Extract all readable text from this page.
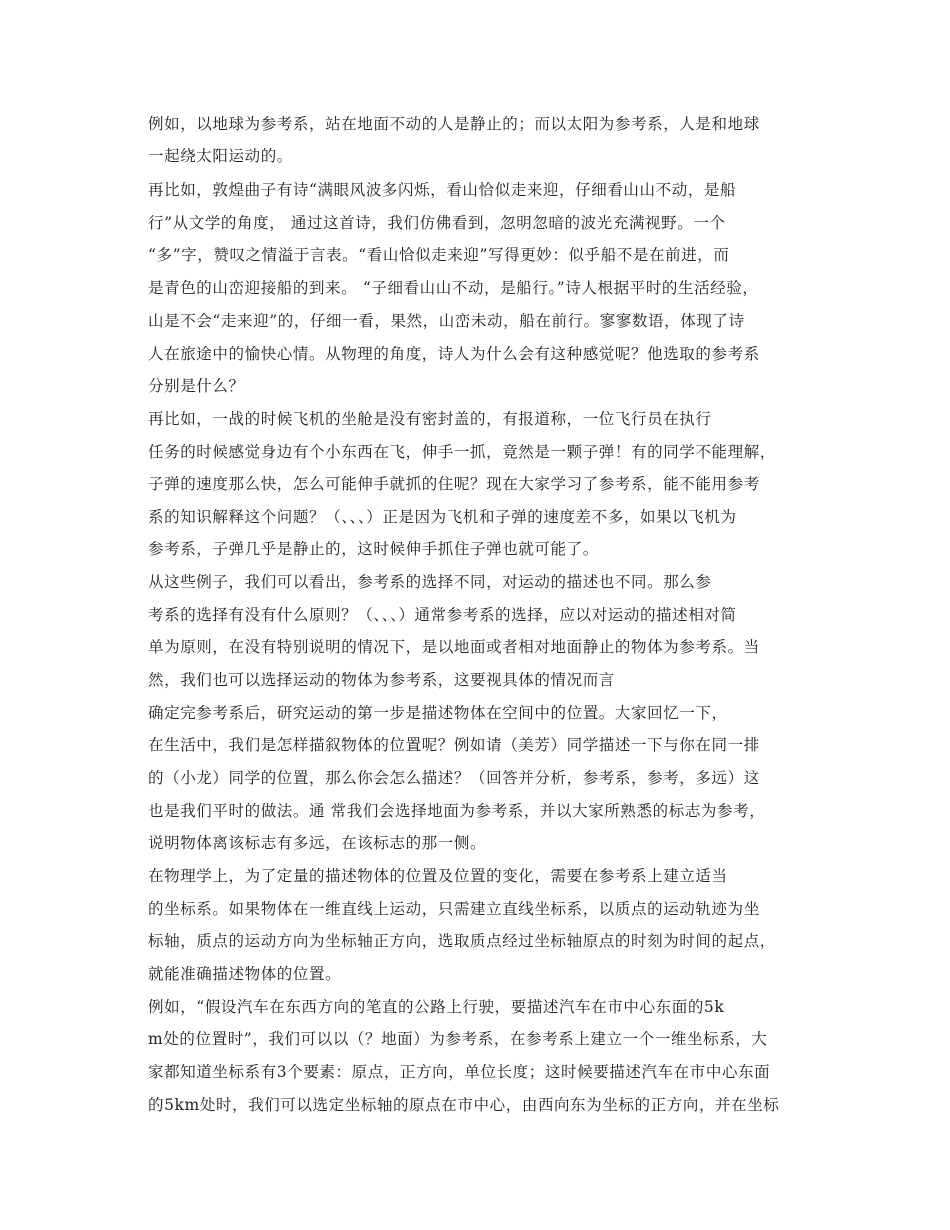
例如，以地球为参考系，站在地面不动的人是静止的；而以太阳为参考系，人是和地球
一起绕太阳运动的。
再比如，敦煌曲子有诗“满眼风波多闪烁，看山恰似走来迎，仔细看山山不动，是船
行”从文学的角度， 通过这首诗，我们仿佛看到，忽明忽暗的波光充满视野。一个
“多”字，赞叹之情溢于言表。“看山恰似走来迎”写得更妙：似乎船不是在前进，而
是青色的山峦迎接船的到来。 “子细看山山不动，是船行。”诗人根据平时的生活经验，
山是不会“走来迎”的，仔细一看，果然，山峦未动，船在前行。寥寥数语，体现了诗
人在旅途中的愉快心情。从物理的角度，诗人为什么会有这种感觉呢？他选取的参考系
分别是什么？
再比如，一战的时候飞机的坐舱是没有密封盖的，有报道称，一位飞行员在执行
任务的时候感觉身边有个小东西在飞，伸手一抓，竟然是一颗子弹！有的同学不能理解，
子弹的速度那么快，怎么可能伸手就抓的住呢？现在大家学习了参考系，能不能用参考
系的知识解释这个问题？（、、、）正是因为飞机和子弹的速度差不多，如果以飞机为
参考系，子弹几乎是静止的，这时候伸手抓住子弹也就可能了。
从这些例子，我们可以看出，参考系的选择不同，对运动的描述也不同。那么参
考系的选择有没有什么原则？（、、、）通常参考系的选择，应以对运动的描述相对简
单为原则，在没有特别说明的情况下，是以地面或者相对地面静止的物体为参考系。当
然，我们也可以选择运动的物体为参考系，这要视具体的情况而言
确定完参考系后，研究运动的第一步是描述物体在空间中的位置。大家回忆一下，
在生活中，我们是怎样描叙物体的位置呢？例如请（美芳）同学描述一下与你在同一排
的（小龙）同学的位置，那么你会怎么描述？（回答并分析，参考系，参考，多远）这
也是我们平时的做法。通 常我们会选择地面为参考系，并以大家所熟悉的标志为参考，
说明物体离该标志有多远，在该标志的那一侧。
在物理学上，为了定量的描述物体的位置及位置的变化，需要在参考系上建立适当
的坐标系。如果物体在一维直线上运动，只需建立直线坐标系，以质点的运动轨迹为坐
标轴，质点的运动方向为坐标轴正方向，选取质点经过坐标轴原点的时刻为时间的起点，
就能准确描述物体的位置。
例如，“假设汽车在东西方向的笔直的公路上行驶，要描述汽车在市中心东面的5k
m处的位置时”，我们可以以（？地面）为参考系，在参考系上建立一个一维坐标系，大
家都知道坐标系有3个要素：原点，正方向，单位长度；这时候要描述汽车在市中心东面
的5km处时，我们可以选定坐标轴的原点在市中心，由西向东为坐标的正方向，并在坐标
